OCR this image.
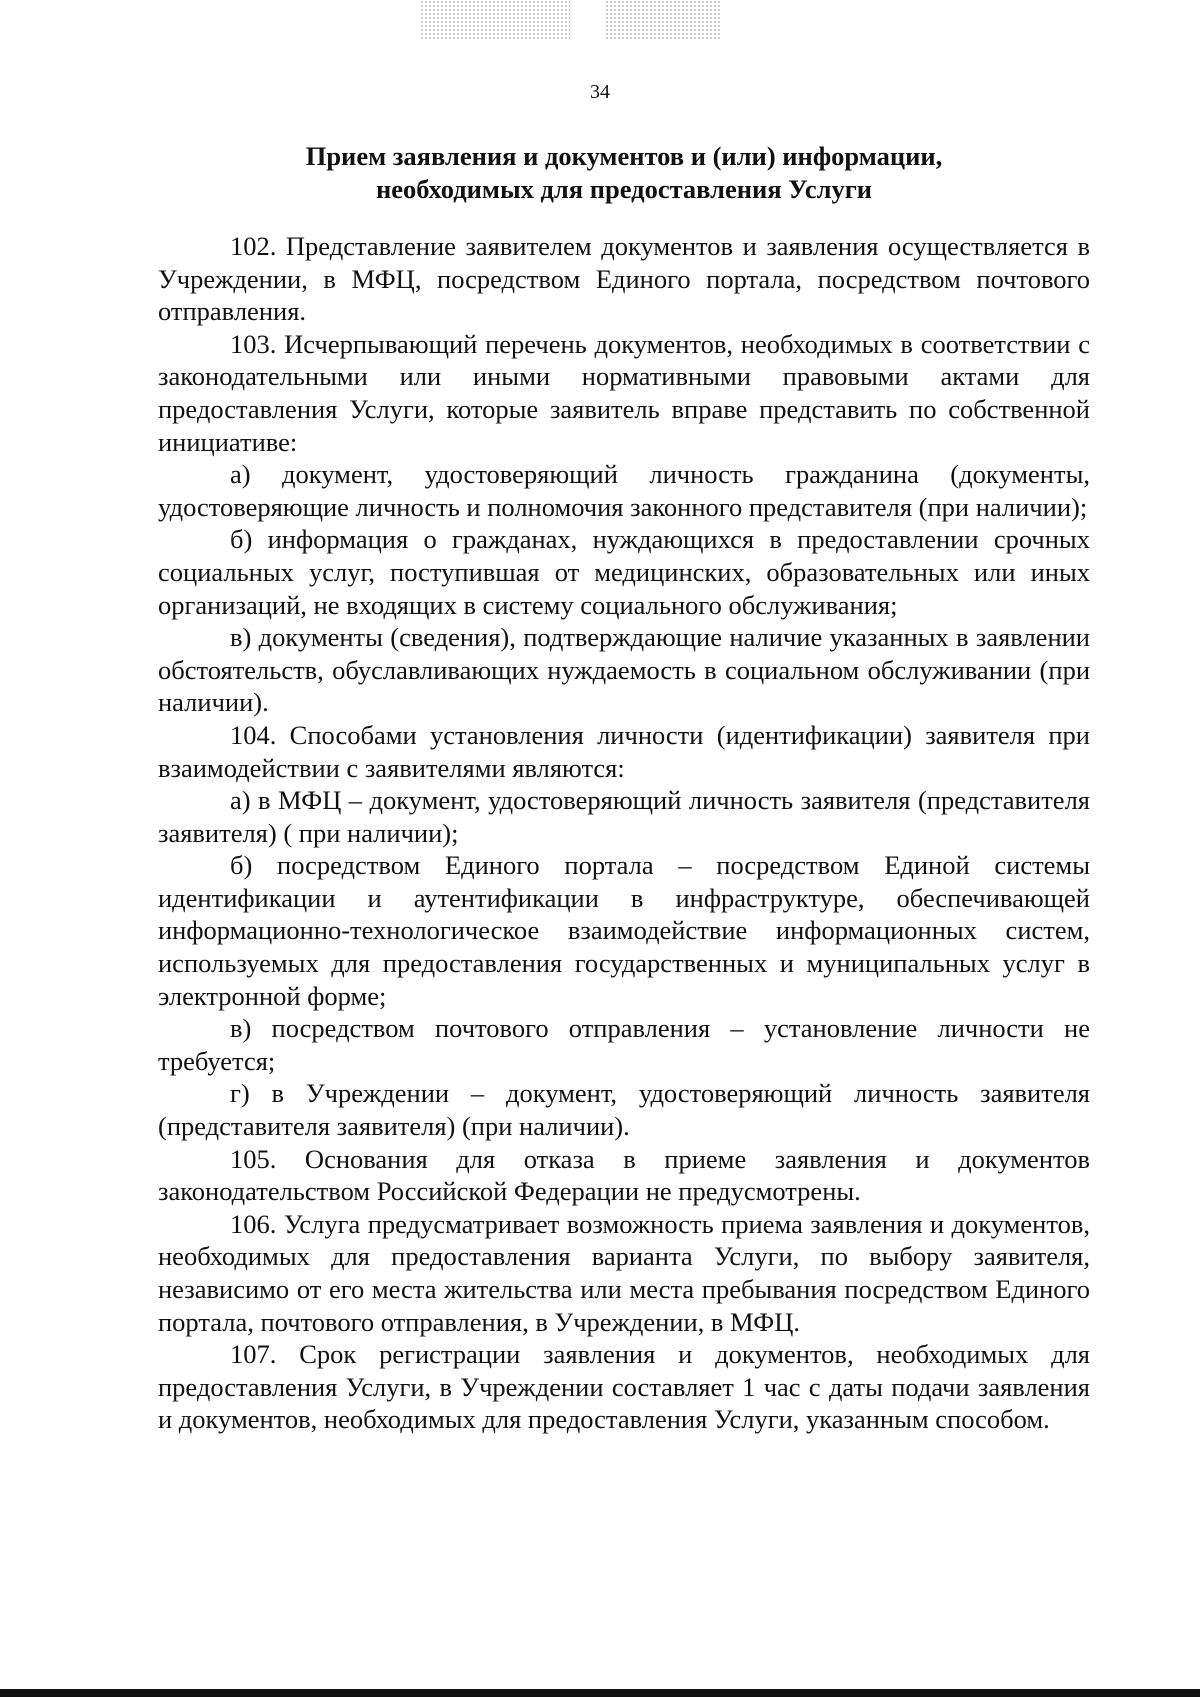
34
Прием заявления и документов и (или) информации,
необходимых для предоставления Услуги

102. Представление заявителем документов и заявления осуществляется в Учреждении, в МФЦ, посредством Единого портала, посредством почтового отправления.

103. Исчерпывающий перечень документов, необходимых в соответствии с законодательными или иными нормативными правовыми актами для предоставления Услуги, которые заявитель вправе представить по собственной инициативе:

а) документ, удостоверяющий личность гражданина (документы, удостоверяющие личность и полномочия законного представителя (при наличии);

б) информация о гражданах, нуждающихся в предоставлении срочных социальных услуг, поступившая от медицинских, образовательных или иных организаций, не входящих в систему социального обслуживания;

в) документы (сведения), подтверждающие наличие указанных в заявлении обстоятельств, обуславливающих нуждаемость в социальном обслуживании (при наличии).

104. Способами установления личности (идентификации) заявителя при взаимодействии с заявителями являются:

а) в МФЦ – документ, удостоверяющий личность заявителя (представителя заявителя) ( при наличии);

б) посредством Единого портала – посредством Единой системы идентификации и аутентификации в инфраструктуре, обеспечивающей информационно-технологическое взаимодействие информационных систем, используемых для предоставления государственных и муниципальных услуг в электронной форме;

в) посредством почтового отправления – установление личности не требуется;

г) в Учреждении – документ, удостоверяющий личность заявителя (представителя заявителя) (при наличии).

105. Основания для отказа в приеме заявления и документов законодательством Российской Федерации не предусмотрены.

106. Услуга предусматривает возможность приема заявления и документов, необходимых для предоставления варианта Услуги, по выбору заявителя, независимо от его места жительства или места пребывания посредством Единого портала, почтового отправления, в Учреждении, в МФЦ.

107. Срок регистрации заявления и документов, необходимых для предоставления Услуги, в Учреждении составляет 1 час с даты подачи заявления и документов, необходимых для предоставления Услуги, указанным способом.
